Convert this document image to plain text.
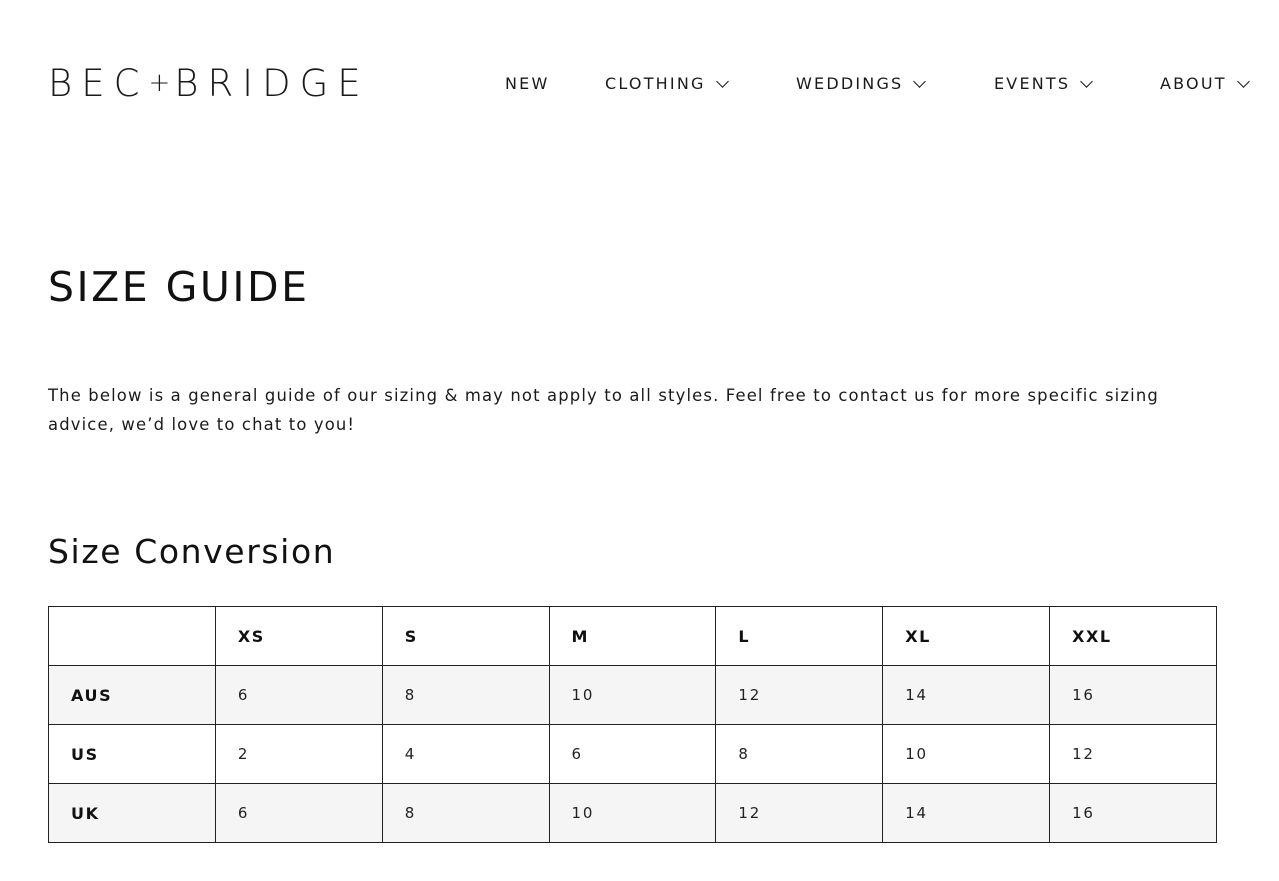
BEC+BRIDGE	NEW	CLOTHING	WEDDINGS	EVENTS	ABOUT
SIZE GUIDE

The below is a general guide of our sizing & may not apply to all styles. Feel free to contact us for more specific sizing advice, we’d love to chat to you!

Size Conversion
	XS	S	M	L	XL	XXL
AUS	6	8	10	12	14	16
US	2	4	6	8	10	12
UK	6	8	10	12	14	16
